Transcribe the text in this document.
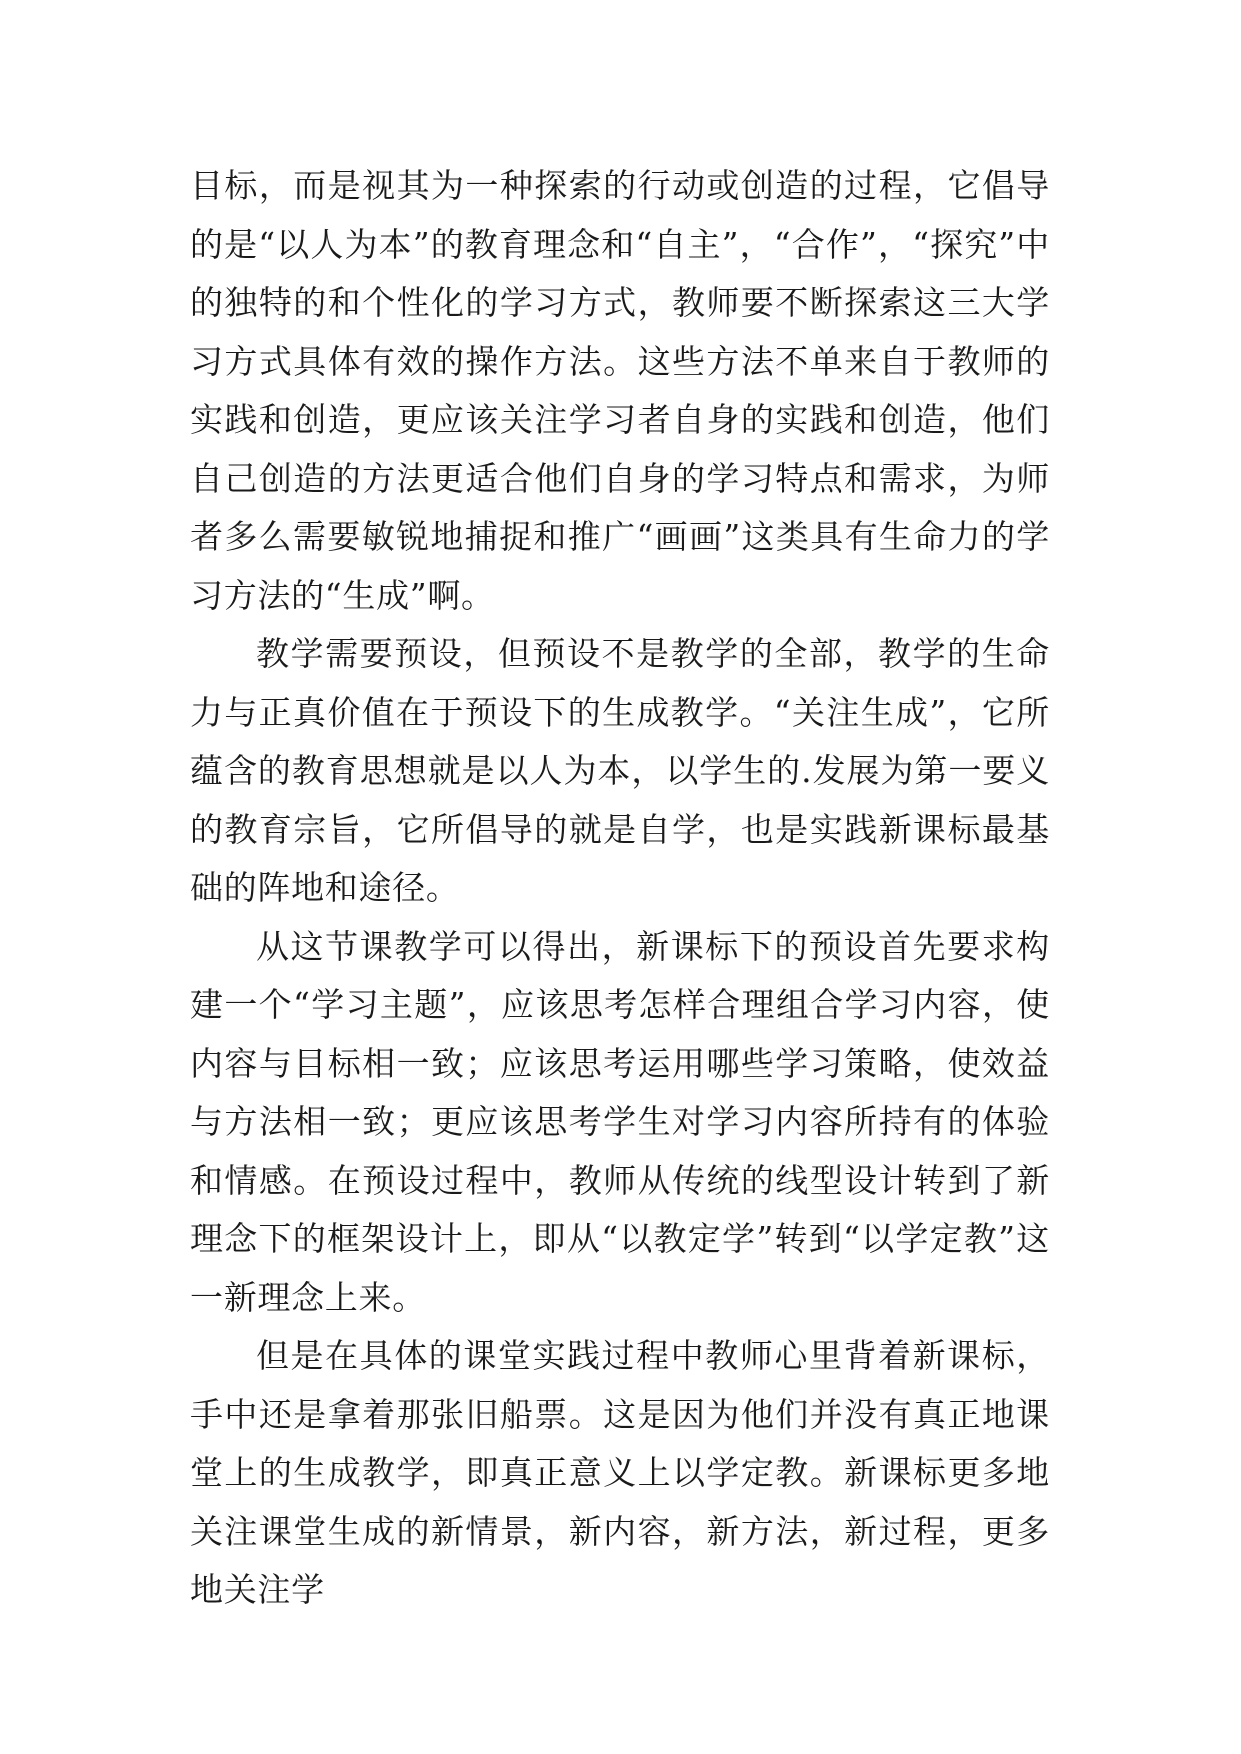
目标，而是视其为一种探索的行动或创造的过程，它倡导的是“以人为本”的教育理念和“自主”，“合作”，“探究”中的独特的和个性化的学习方式，教师要不断探索这三大学习方式具体有效的操作方法。这些方法不单来自于教师的实践和创造，更应该关注学习者自身的实践和创造，他们自己创造的方法更适合他们自身的学习特点和需求，为师者多么需要敏锐地捕捉和推广“画画”这类具有生命力的学习方法的“生成”啊。

教学需要预设，但预设不是教学的全部，教学的生命力与正真价值在于预设下的生成教学。“关注生成”，它所蕴含的教育思想就是以人为本，以学生的.发展为第一要义的教育宗旨，它所倡导的就是自学，也是实践新课标最基础的阵地和途径。

从这节课教学可以得出，新课标下的预设首先要求构建一个“学习主题”，应该思考怎样合理组合学习内容，使内容与目标相一致；应该思考运用哪些学习策略，使效益与方法相一致；更应该思考学生对学习内容所持有的体验和情感。在预设过程中，教师从传统的线型设计转到了新理念下的框架设计上，即从“以教定学”转到“以学定教”这一新理念上来。

但是在具体的课堂实践过程中教师心里背着新课标，手中还是拿着那张旧船票。这是因为他们并没有真正地课堂上的生成教学，即真正意义上以学定教。新课标更多地关注课堂生成的新情景，新内容，新方法，新过程，更多地关注学
